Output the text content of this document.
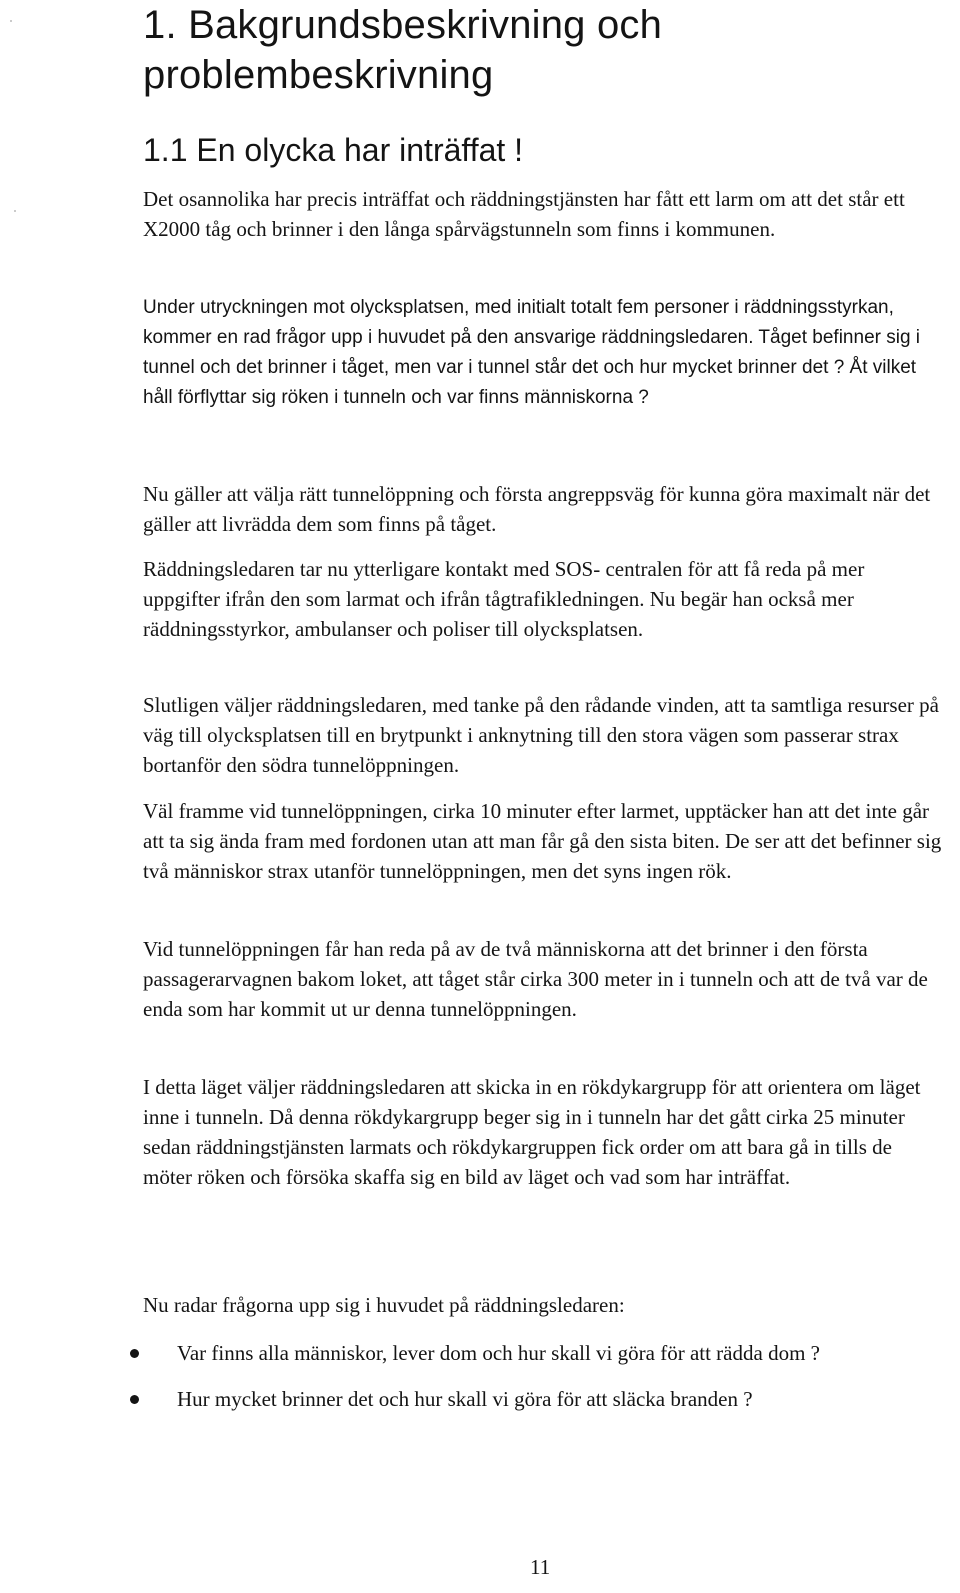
1. Bakgrundsbeskrivning och problembeskrivning
1.1 En olycka har inträffat !

Det osannolika har precis inträffat och räddningstjänsten har fått ett larm om att det står ett X2000 tåg och brinner i den långa spårvägstunneln som finns i kommunen.

Under utryckningen mot olycksplatsen, med initialt totalt fem personer i räddningsstyrkan, kommer en rad frågor upp i huvudet på den ansvarige räddningsledaren. Tåget befinner sig i tunnel och det brinner i tåget, men var i tunnel står det och hur mycket brinner det ? Åt vilket håll förflyttar sig röken i tunneln och var finns människorna ?

Nu gäller att välja rätt tunnelöppning och första angreppsväg för kunna göra maximalt när det gäller att livrädda dem som finns på tåget.

Räddningsledaren tar nu ytterligare kontakt med SOS- centralen för att få reda på mer uppgifter ifrån den som larmat och ifrån tågtrafikledningen. Nu begär han också mer räddningsstyrkor, ambulanser och poliser till olycksplatsen.

Slutligen väljer räddningsledaren, med tanke på den rådande vinden, att ta samtliga resurser på väg till olycksplatsen till en brytpunkt i anknytning till den stora vägen som passerar strax bortanför den södra tunnelöppningen.

Väl framme vid tunnelöppningen, cirka 10 minuter efter larmet, upptäcker han att det inte går att ta sig ända fram med fordonen utan att man får gå den sista biten. De ser att det befinner sig två människor strax utanför tunnelöppningen, men det syns ingen rök.

Vid tunnelöppningen får han reda på av de två människorna att det brinner i den första passagerarvagnen bakom loket, att tåget står cirka 300 meter in i tunneln och att de två var de enda som har kommit ut ur denna tunnelöppningen.

I detta läget väljer räddningsledaren att skicka in en rökdykargrupp för att orientera om läget inne i tunneln. Då denna rökdykargrupp beger sig in i tunneln har det gått cirka 25 minuter sedan räddningstjänsten larmats och rökdykargruppen fick order om att bara gå in tills de möter röken och försöka skaffa sig en bild av läget och vad som har inträffat.

Nu radar frågorna upp sig i huvudet på räddningsledaren:

Var finns alla människor, lever dom och hur skall vi göra för att rädda dom ?
Hur mycket brinner det och hur skall vi göra för att släcka branden ?
11
